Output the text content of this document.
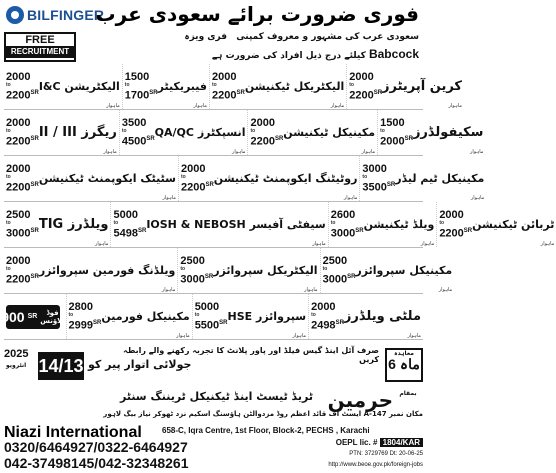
BILFINGER
فوری ضرورت برائے سعودی عرب
FREE
RECRUITMENT
سعودی عرب کی مشہور و معروف کمپنی فری ویزہ
Babcock کیلئے درج ذیل افراد کی ضرورت ہے
2000
to
$2200^{SR}$ الیکٹریشن I&C
ماہوار
1500
to
$1700^{SR}$ فیبریکیٹر
ماہوار
2000
to
$2200^{SR}$ الیکٹریکل ٹیکنیشن
ماہوار
2000
to
$2200^{SR}$ کرین آپریٹرز
ماہوار
2000
to
$2200^{SR}$ ریگرز II / III
ماہوار
3500
to
$4500^{SR}$ انسپکٹرز QA/QC
ماہوار
2000
to
$2200^{SR}$ مکینیکل ٹیکنیشن
ماہوار
1500
to
$2000^{SR}$ سکیفولڈرز
ماہوار
2000
to
$2200^{SR}$ سٹیٹک ایکوپمنٹ ٹیکنیشن
ماہوار
2000
to
$2200^{SR}$ روٹیٹنگ ایکوپمنٹ ٹیکنیشن
ماہوار
3000
to
$3500^{SR}$ مکینیکل ٹیم لیڈر
ماہوار
2500
to
$3000^{SR}$ ویلڈرز TIG
ماہوار
5000
to
$5498^{SR}$ سیفٹی آفیسر IOSH & NEBOSH
ماہوار
2600
to
$3000^{SR}$ ویلڈ ٹیکنیشن
ماہوار
2000
to
$2200^{SR}$ ٹربائن ٹیکنیشن
ماہوار
2000
to
$2200^{SR}$ ویلڈنگ فورمین سپروائزر
ماہوار
2500
to
$3000^{SR}$ الیکٹریکل سپروائزر
ماہوار
2500
to
$3000^{SR}$ مکینیکل سپروائزر
ماہوار
900 SR	فوڈ الاؤنس
2800
to
$2999^{SR}$ مکینیکل فورمین
ماہوار
5000
to
$5500^{SR}$ سپروائزر HSE
ماہوار
2000
to
$2498^{SR}$ ملٹی ویلڈرز
ماہوار
2025
انٹرویو 14/13 جولائی اتوار پیر کو
صرف آئل اینڈ گیس فیلڈ اور پاور پلانٹ کا تجربہ رکھنے والے رابطہ کریں
معاہدہ
6 ماہ
بمقام
حرمین
ٹریڈ ٹیسٹ اینڈ ٹیکنیکل ٹریننگ سنٹر
مکان نمبر 147-A ایسٹ آف قائد اعظم روڈ مزدوالٹن ہاؤسنگ اسکیم نزد ٹھوکر نیاز بیگ لاہور
Niazi International	658-C, Iqra Centre, 1st Floor, Block-2, PECHS , Karachi
0320/6464927/0322-6464927
042-37498145/042-32348261
OEPL lic. # 1804/KAR
PTN: 3729769 Dt: 20-06-25
http://www.beoe.gov.pk/foreign-jobs
